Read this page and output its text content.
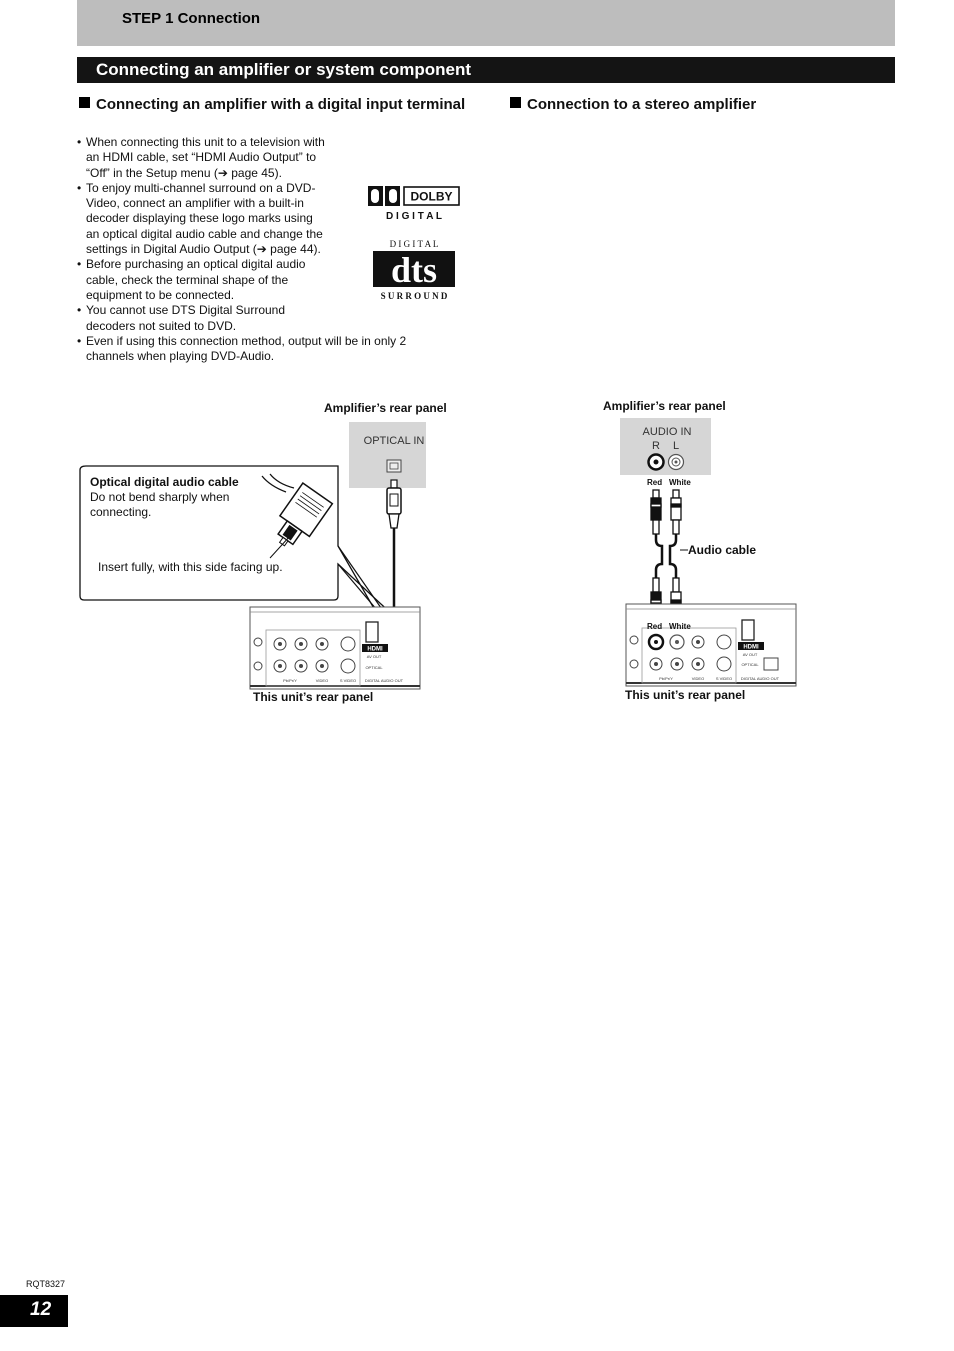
STEP 1 Connection
Connecting an amplifier or system component
Connecting an amplifier with a digital input terminal	Connection to a stereo amplifier
• When connecting this unit to a television with an HDMI cable, set “HDMI Audio Output” to “Off” in the Setup menu (➔ page 45).
• To enjoy multi-channel surround on a DVD-Video, connect an amplifier with a built-in decoder displaying these logo marks using an optical digital audio cable and change the settings in Digital Audio Output (➔ page 44).
• Before purchasing an optical digital audio cable, check the terminal shape of the equipment to be connected.
• You cannot use DTS Digital Surround decoders not suited to DVD.
• Even if using this connection method, output will be in only 2 channels when playing DVD-Audio.
DOLBY
D I G I T A L
D I G I T A L
dts
S U R R O U N D
Amplifier’s rear panel
OPTICAL IN
HDMI
AV OUT
OPTICAL
Pb/Pr/Y	VIDEO	S VIDEO DIGITAL AUDIO OUT
Optical digital audio cable
Do not bend sharply when
connecting.
Insert fully, with this side facing up.
This unit’s rear panel
Amplifier’s rear panel
AUDIO IN
R L
HDMI
AV OUT
OPTICAL
Pb/Pr/Y	VIDEO	S VIDEO DIGITAL AUDIO OUT
Red White
Audio cable
Red White
This unit’s rear panel
RQT8327
12
